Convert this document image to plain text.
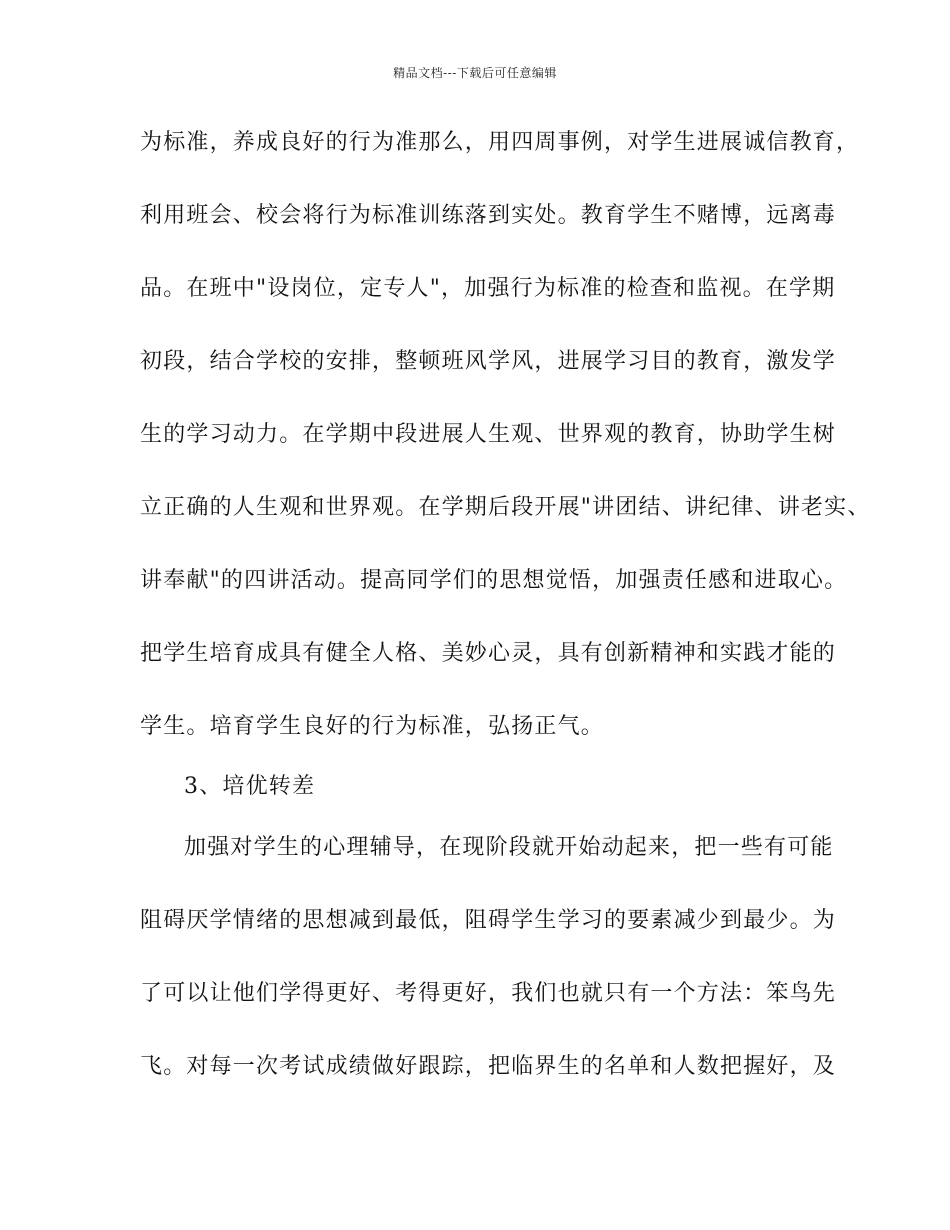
精品文档---下载后可任意编辑
为标准，养成良好的行为准那么，用四周事例，对学生进展诚信教育，
利用班会、校会将行为标准训练落到实处。教育学生不赌博，远离毒
品。在班中"设岗位，定专人"，加强行为标准的检查和监视。在学期
初段，结合学校的安排，整顿班风学风，进展学习目的教育，激发学
生的学习动力。在学期中段进展人生观、世界观的教育，协助学生树
立正确的人生观和世界观。在学期后段开展"讲团结、讲纪律、讲老实、
讲奉献"的四讲活动。提高同学们的思想觉悟，加强责任感和进取心。
把学生培育成具有健全人格、美妙心灵，具有创新精神和实践才能的
学生。培育学生良好的行为标准，弘扬正气。
3、培优转差
加强对学生的心理辅导，在现阶段就开始动起来，把一些有可能
阻碍厌学情绪的思想减到最低，阻碍学生学习的要素减少到最少。为
了可以让他们学得更好、考得更好，我们也就只有一个方法：笨鸟先
飞。对每一次考试成绩做好跟踪，把临界生的名单和人数把握好，及
